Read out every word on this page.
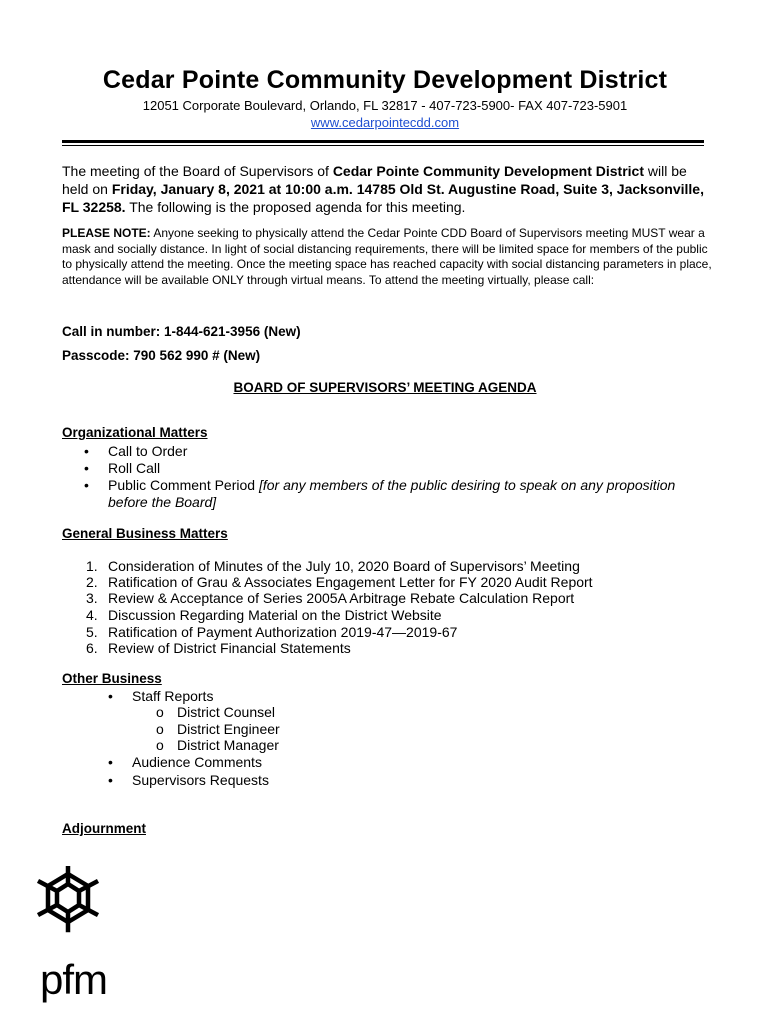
Cedar Pointe Community Development District
12051 Corporate Boulevard, Orlando, FL 32817 - 407-723-5900- FAX 407-723-5901
www.cedarpointecdd.com
The meeting of the Board of Supervisors of Cedar Pointe Community Development District will be held on Friday, January 8, 2021 at 10:00 a.m. 14785 Old St. Augustine Road, Suite 3, Jacksonville, FL 32258. The following is the proposed agenda for this meeting.
PLEASE NOTE: Anyone seeking to physically attend the Cedar Pointe CDD Board of Supervisors meeting MUST wear a mask and socially distance. In light of social distancing requirements, there will be limited space for members of the public to physically attend the meeting. Once the meeting space has reached capacity with social distancing parameters in place, attendance will be available ONLY through virtual means. To attend the meeting virtually, please call:
Call in number: 1-844-621-3956 (New)
Passcode: 790 562 990 # (New)
BOARD OF SUPERVISORS’ MEETING AGENDA
Organizational Matters
• Call to Order
• Roll Call
• Public Comment Period [for any members of the public desiring to speak on any proposition before the Board]
General Business Matters
1. Consideration of Minutes of the July 10, 2020 Board of Supervisors’ Meeting
2. Ratification of Grau & Associates Engagement Letter for FY 2020 Audit Report
3. Review & Acceptance of Series 2005A Arbitrage Rebate Calculation Report
4. Discussion Regarding Material on the District Website
5. Ratification of Payment Authorization 2019-47—2019-67
6. Review of District Financial Statements
Other Business
• Staff Reports
o District Counsel
o District Engineer
o District Manager
• Audience Comments
• Supervisors Requests
Adjournment
pfm
